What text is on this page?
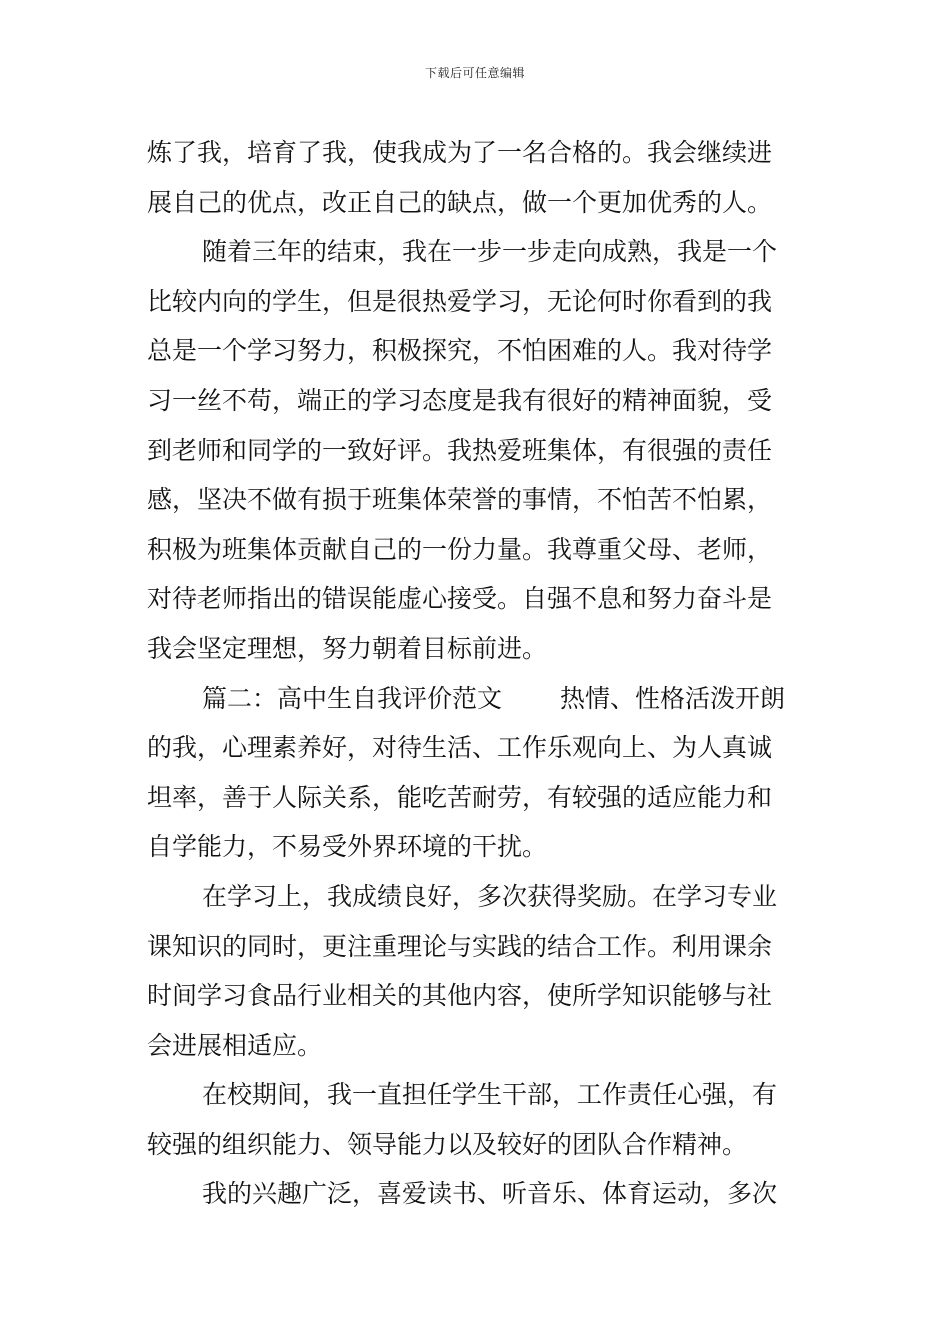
下载后可任意编辑

炼了我，培育了我，使我成为了一名合格的。我会继续进
展自己的优点，改正自己的缺点，做一个更加优秀的人。

随着三年的结束，我在一步一步走向成熟，我是一个
比较内向的学生，但是很热爱学习，无论何时你看到的我
总是一个学习努力，积极探究，不怕困难的人。我对待学
习一丝不苟，端正的学习态度是我有很好的精神面貌，受
到老师和同学的一致好评。我热爱班集体，有很强的责任
感，坚决不做有损于班集体荣誉的事情，不怕苦不怕累，
积极为班集体贡献自己的一份力量。我尊重父母、老师，
对待老师指出的错误能虚心接受。自强不息和努力奋斗是
我会坚定理想，努力朝着目标前进。

篇二：高中生自我评价范文 热情、性格活泼开朗
的我，心理素养好，对待生活、工作乐观向上、为人真诚
坦率，善于人际关系，能吃苦耐劳，有较强的适应能力和
自学能力，不易受外界环境的干扰。

在学习上，我成绩良好，多次获得奖励。在学习专业
课知识的同时，更注重理论与实践的结合工作。利用课余
时间学习食品行业相关的其他内容，使所学知识能够与社
会进展相适应。

在校期间，我一直担任学生干部，工作责任心强，有
较强的组织能力、领导能力以及较好的团队合作精神。

我的兴趣广泛，喜爱读书、听音乐、体育运动，多次
